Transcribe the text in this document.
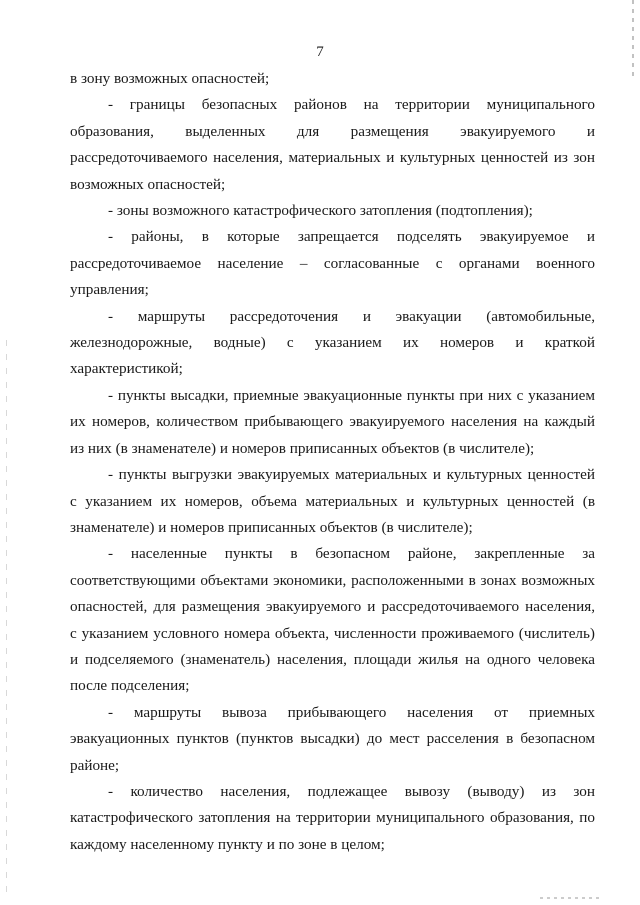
7
в зону возможных опасностей;
- границы безопасных районов на территории муниципального
образования, выделенных для размещения эвакуируемого и
рассредоточиваемого населения, материальных и культурных ценностей из зон
возможных опасностей;
- зоны возможного катастрофического затопления (подтопления);
- районы, в которые запрещается подселять эвакуируемое и
рассредоточиваемое население – согласованные с органами военного
управления;
- маршруты рассредоточения и эвакуации (автомобильные,
железнодорожные, водные) с указанием их номеров и краткой
характеристикой;
- пункты высадки, приемные эвакуационные пункты при них с указанием
их номеров, количеством прибывающего эвакуируемого населения на каждый
из них (в знаменателе) и номеров приписанных объектов (в числителе);
- пункты выгрузки эвакуируемых материальных и культурных ценностей
с указанием их номеров, объема материальных и культурных ценностей (в
знаменателе) и номеров приписанных объектов (в числителе);
- населенные пункты в безопасном районе, закрепленные за
соответствующими объектами экономики, расположенными в зонах возможных
опасностей, для размещения эвакуируемого и рассредоточиваемого населения,
с указанием условного номера объекта, численности проживаемого (числитель)
и подселяемого (знаменатель) населения, площади жилья на одного человека
после подселения;
- маршруты вывоза прибывающего населения от приемных
эвакуационных пунктов (пунктов высадки) до мест расселения в безопасном
районе;
- количество населения, подлежащее вывозу (выводу) из зон
катастрофического затопления на территории муниципального образования, по
каждому населенному пункту и по зоне в целом;
